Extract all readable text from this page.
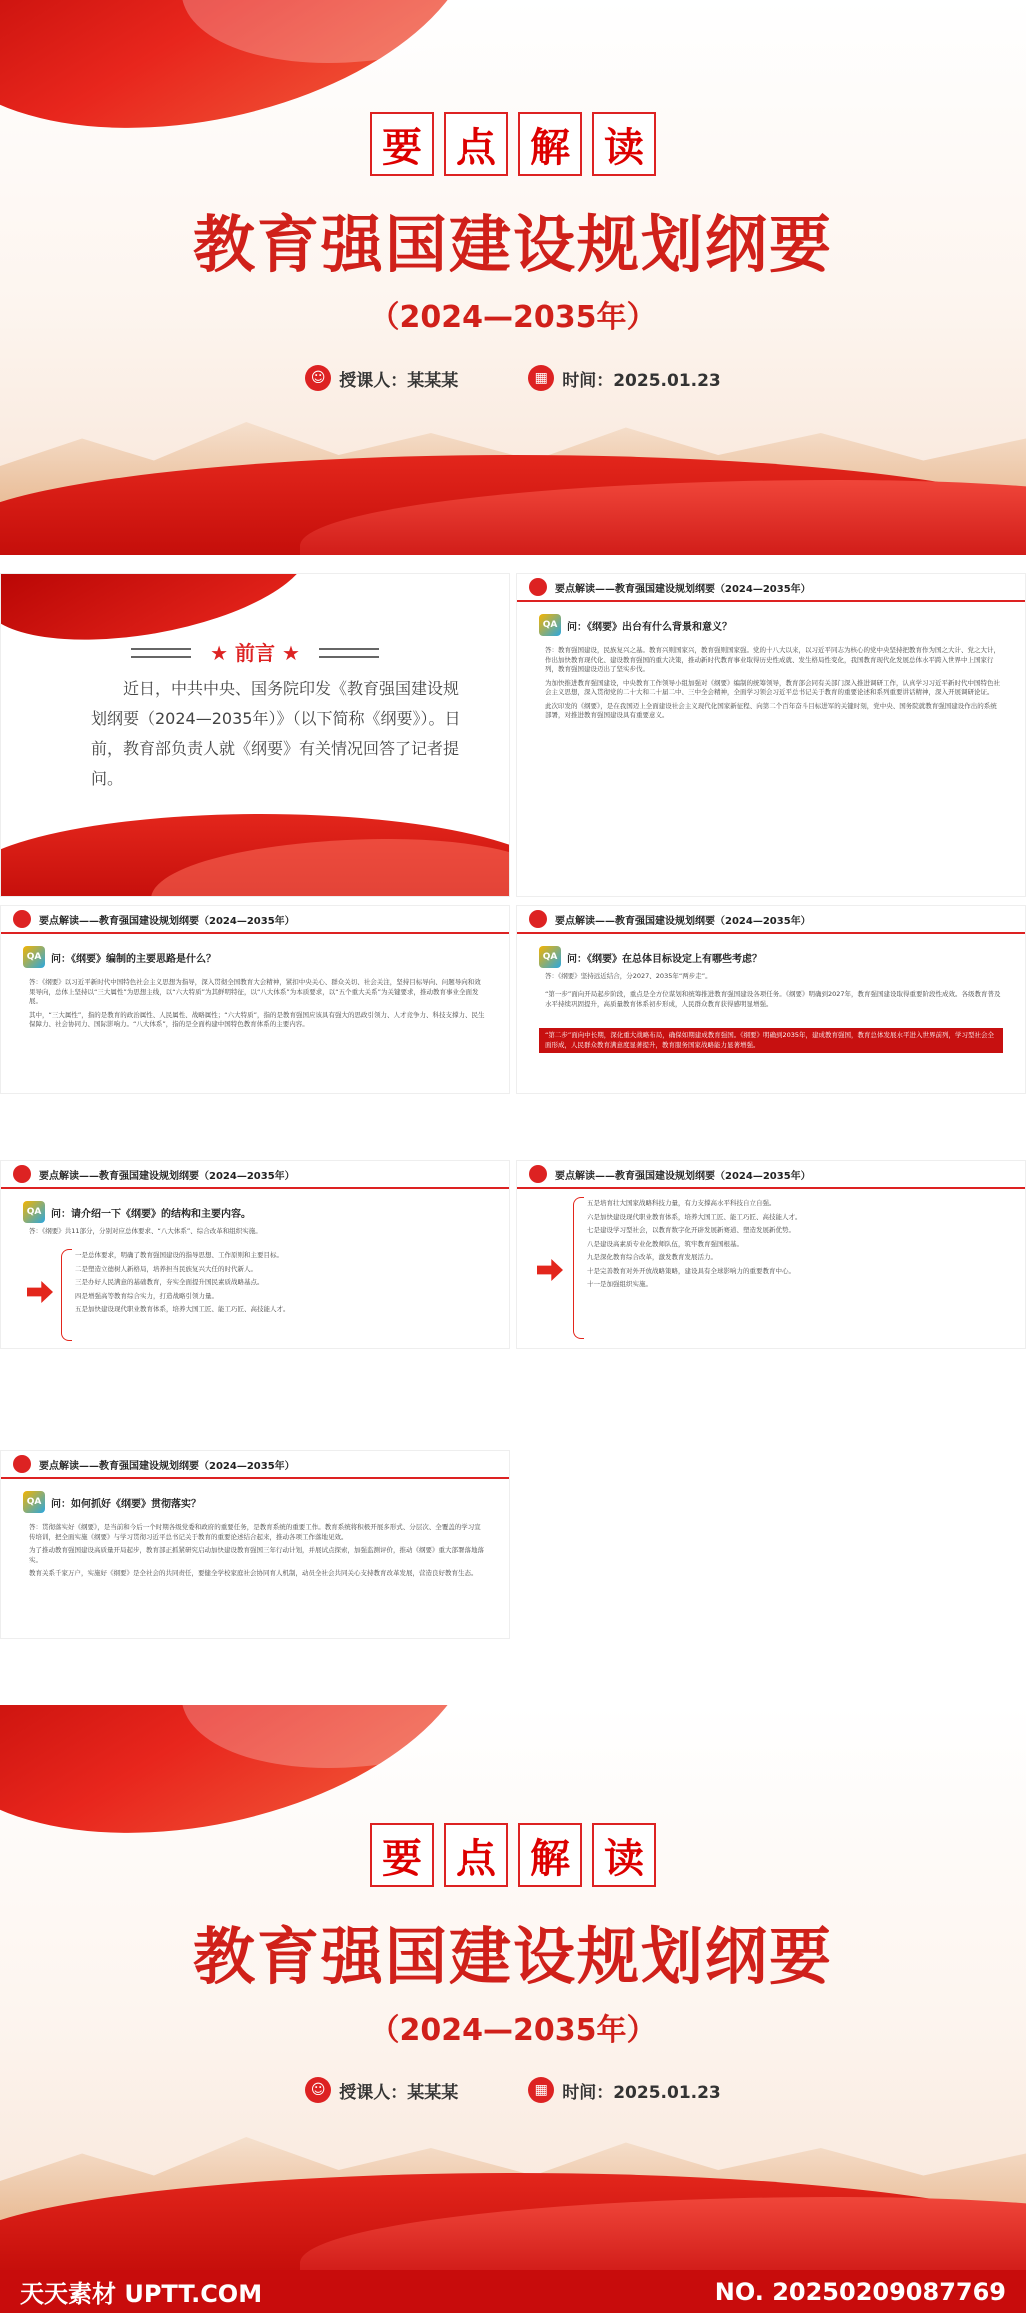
要 点 解 读
教育强国建设规划纲要
（2024—2035年）
☺ 授课人：某某某	▦ 时间：2025.01.23
★ 前言 ★
近日，中共中央、国务院印发《教育强国建设规划纲要（2024—2035年）》（以下简称《纲要》）。日前，教育部负责人就《纲要》有关情况回答了记者提问。
要点解读——教育强国建设规划纲要（2024—2035年）
QA 问：《纲要》出台有什么背景和意义？

答：教育强国建设，民族复兴之基。教育兴则国家兴，教育强则国家强。党的十八大以来，以习近平同志为核心的党中央坚持把教育作为国之大计、党之大计，作出加快教育现代化、建设教育强国的重大决策，推动新时代教育事业取得历史性成就、发生格局性变化，我国教育现代化发展总体水平跨入世界中上国家行列，教育强国建设迈出了坚实步伐。

为加快推进教育强国建设，中央教育工作领导小组加强对《纲要》编制的统筹领导，教育部会同有关部门深入推进调研工作，认真学习习近平新时代中国特色社会主义思想，深入贯彻党的二十大和二十届二中、三中全会精神，全面学习领会习近平总书记关于教育的重要论述和系列重要讲话精神，深入开展调研论证。

此次印发的《纲要》，是在我国迈上全面建设社会主义现代化国家新征程、向第二个百年奋斗目标进军的关键时刻，党中央、国务院就教育强国建设作出的系统部署，对推进教育强国建设具有重要意义。

要点解读——教育强国建设规划纲要（2024—2035年）
QA 问：《纲要》编制的主要思路是什么？

答：《纲要》以习近平新时代中国特色社会主义思想为指导，深入贯彻全国教育大会精神，紧扣中央关心、群众关切、社会关注，坚持目标导向、问题导向和效果导向，总体上坚持以“三大属性”为思想主线，以“六大特质”为其鲜明特征，以“八大体系”为本质要求，以“五个重大关系”为关键要求，推动教育事业全面发展。

其中，“三大属性”，指的是教育的政治属性、人民属性、战略属性；“六大特质”，指的是教育强国应该具有强大的思政引领力、人才竞争力、科技支撑力、民生保障力、社会协同力、国际影响力。“八大体系”，指的是全面构建中国特色教育体系的主要内容。

要点解读——教育强国建设规划纲要（2024—2035年）
QA 问：《纲要》在总体目标设定上有哪些考虑？
答：《纲要》坚持远近结合，分2027、2035年“两步走”。
“第一步”面向开局起步阶段，重点是全方位谋划和统筹推进教育强国建设各项任务。《纲要》明确到2027年，教育强国建设取得重要阶段性成效。各级教育普及水平持续巩固提升，高质量教育体系初步形成，人民群众教育获得感明显增强。
“第二步”面向中长期，深化重大战略布局，确保如期建成教育强国。《纲要》明确到2035年，建成教育强国，教育总体发展水平进入世界前列，学习型社会全面形成，人民群众教育满意度显著提升，教育服务国家战略能力显著增强。
要点解读——教育强国建设规划纲要（2024—2035年）
QA 问：请介绍一下《纲要》的结构和主要内容。
答：《纲要》共11部分，分别对应总体要求、“八大体系”、综合改革和组织实施。

一是总体要求，明确了教育强国建设的指导思想、工作原则和主要目标。

二是塑造立德树人新格局，培养担当民族复兴大任的时代新人。

三是办好人民满意的基础教育，夯实全面提升国民素质战略基点。

四是增强高等教育综合实力，打造战略引领力量。

五是加快建设现代职业教育体系，培养大国工匠、能工巧匠、高技能人才。

要点解读——教育强国建设规划纲要（2024—2035年）

五是培育壮大国家战略科技力量，有力支撑高水平科技自立自强。

六是加快建设现代职业教育体系，培养大国工匠、能工巧匠、高技能人才。

七是建设学习型社会，以教育数字化开辟发展新赛道、塑造发展新优势。

八是建设高素质专业化教师队伍，筑牢教育强国根基。

九是深化教育综合改革，激发教育发展活力。

十是完善教育对外开放战略策略，建设具有全球影响力的重要教育中心。

十一是加强组织实施。

要点解读——教育强国建设规划纲要（2024—2035年）
QA 问：如何抓好《纲要》贯彻落实？

答：贯彻落实好《纲要》，是当前和今后一个时期各级党委和政府的重要任务，是教育系统的重要工作。教育系统将积极开展多形式、分层次、全覆盖的学习宣传培训，把全面实施《纲要》与学习贯彻习近平总书记关于教育的重要论述结合起来，推动各项工作落地见效。

为了推动教育强国建设高质量开局起步，教育部正抓紧研究启动加快建设教育强国三年行动计划，并展试点探索，加强监测评价，推动《纲要》重大部署落地落实。

教育关系千家万户，实施好《纲要》是全社会的共同责任，要健全学校家庭社会协同育人机制，动员全社会共同关心支持教育改革发展，营造良好教育生态。

要 点 解 读
教育强国建设规划纲要
（2024—2035年）
☺ 授课人：某某某	▦ 时间：2025.01.23
天天素材 UPTT.COM	NO. 20250209087769
